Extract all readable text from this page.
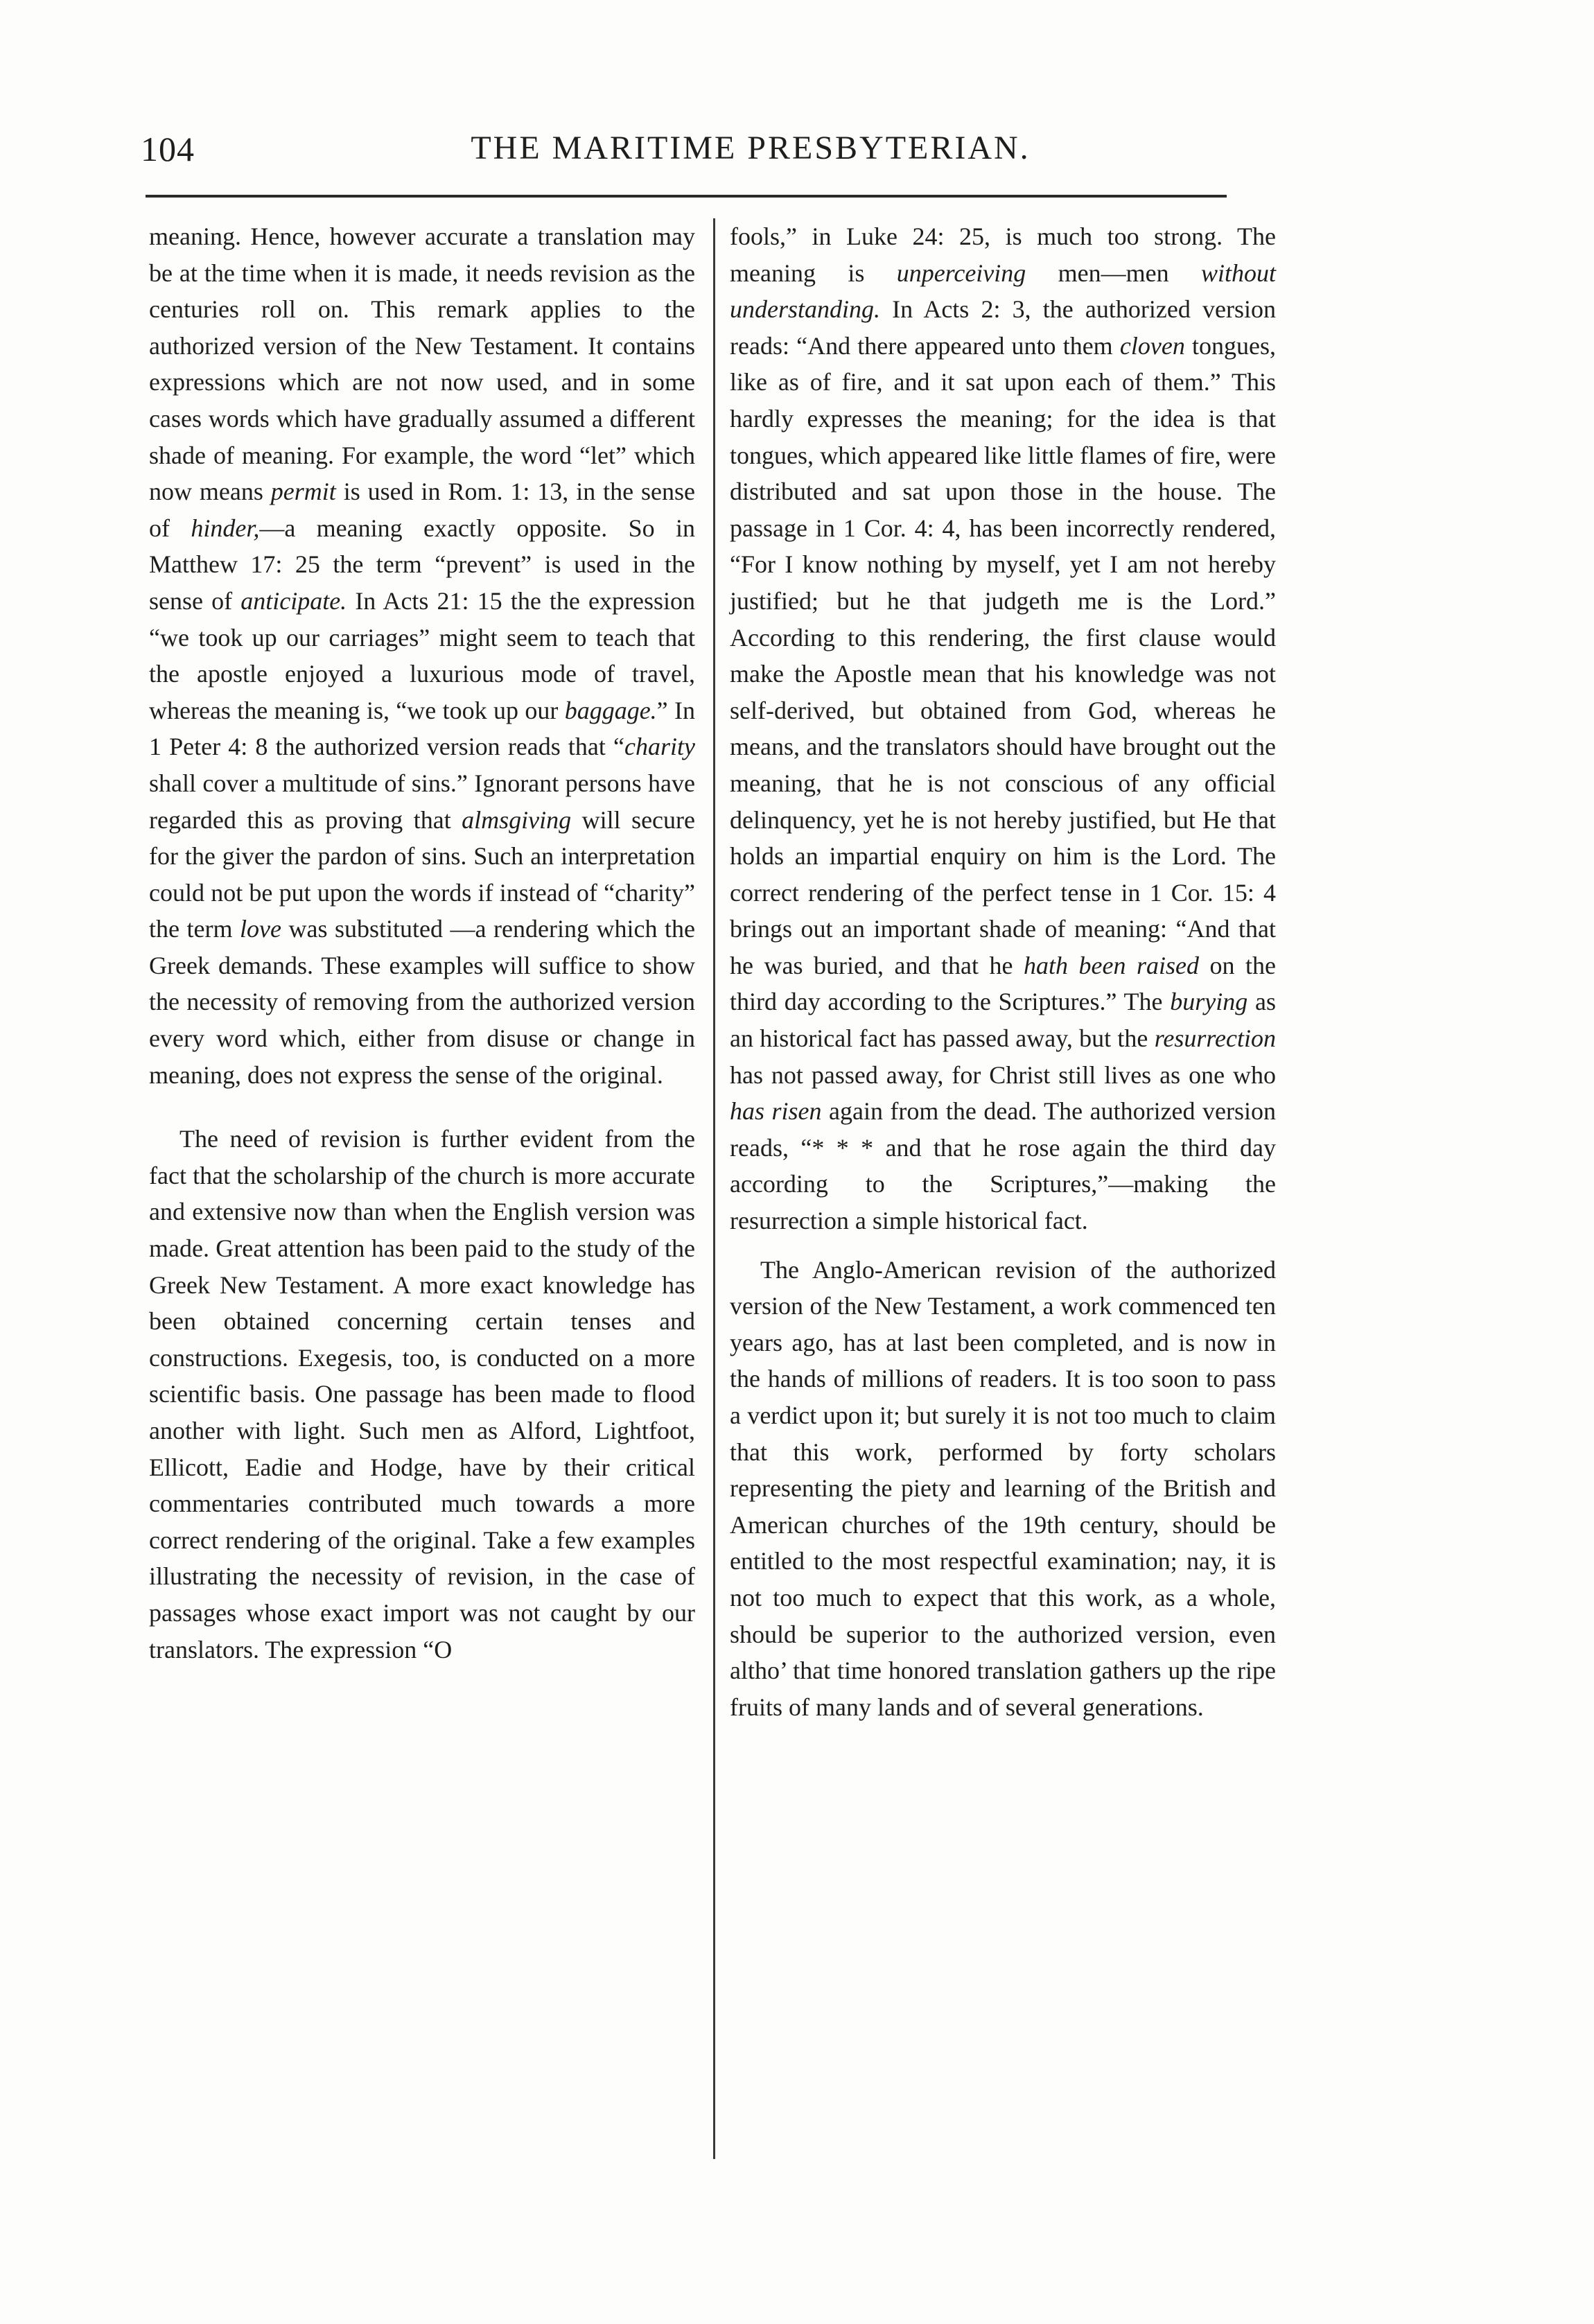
104	THE MARITIME PRESBYTERIAN.

meaning. Hence, however accurate a translation may be at the time when it is made, it needs revision as the centuries roll on. This remark applies to the authorized version of the New Testament. It contains expressions which are not now used, and in some cases words which have gradually assumed a different shade of meaning. For example, the word “let” which now means permit is used in Rom. 1: 13, in the sense of hinder,—a meaning exactly opposite. So in Matthew 17: 25 the term “prevent” is used in the sense of anticipate. In Acts 21: 15 the the expression “we took up our carriages” might seem to teach that the apostle enjoyed a luxurious mode of travel, whereas the meaning is, “we took up our baggage.” In 1 Peter 4: 8 the authorized version reads that “charity shall cover a multitude of sins.” Ignorant persons have regarded this as proving that almsgiving will secure for the giver the pardon of sins. Such an interpretation could not be put upon the words if instead of “charity” the term love was substituted —a rendering which the Greek demands. These examples will suffice to show the necessity of removing from the authorized version every word which, either from disuse or change in meaning, does not express the sense of the original.

The need of revision is further evident from the fact that the scholarship of the church is more accurate and extensive now than when the English version was made. Great attention has been paid to the study of the Greek New Testament. A more exact knowledge has been obtained concerning certain tenses and constructions. Exegesis, too, is conducted on a more scientific basis. One passage has been made to flood another with light. Such men as Alford, Lightfoot, Ellicott, Eadie and Hodge, have by their critical commentaries contributed much towards a more correct rendering of the original. Take a few examples illustrating the necessity of revision, in the case of passages whose exact import was not caught by our translators. The expression “O

fools,” in Luke 24: 25, is much too strong. The meaning is unperceiving men—men without understanding. In Acts 2: 3, the authorized version reads: “And there appeared unto them cloven tongues, like as of fire, and it sat upon each of them.” This hardly expresses the meaning; for the idea is that tongues, which appeared like little flames of fire, were distributed and sat upon those in the house. The passage in 1 Cor. 4: 4, has been incorrectly rendered, “For I know nothing by myself, yet I am not hereby justified; but he that judgeth me is the Lord.” According to this rendering, the first clause would make the Apostle mean that his knowledge was not self-derived, but obtained from God, whereas he means, and the translators should have brought out the meaning, that he is not conscious of any official delinquency, yet he is not hereby justified, but He that holds an impartial enquiry on him is the Lord. The correct rendering of the perfect tense in 1 Cor. 15: 4 brings out an important shade of meaning: “And that he was buried, and that he hath been raised on the third day according to the Scriptures.” The burying as an historical fact has passed away, but the resurrection has not passed away, for Christ still lives as one who has risen again from the dead. The authorized version reads, “* * * and that he rose again the third day according to the Scriptures,”—making the resurrection a simple historical fact.

The Anglo-American revision of the authorized version of the New Testament, a work commenced ten years ago, has at last been completed, and is now in the hands of millions of readers. It is too soon to pass a verdict upon it; but surely it is not too much to claim that this work, performed by forty scholars representing the piety and learning of the British and American churches of the 19th century, should be entitled to the most respectful examination; nay, it is not too much to expect that this work, as a whole, should be superior to the authorized version, even altho’ that time honored translation gathers up the ripe fruits of many lands and of several generations.
